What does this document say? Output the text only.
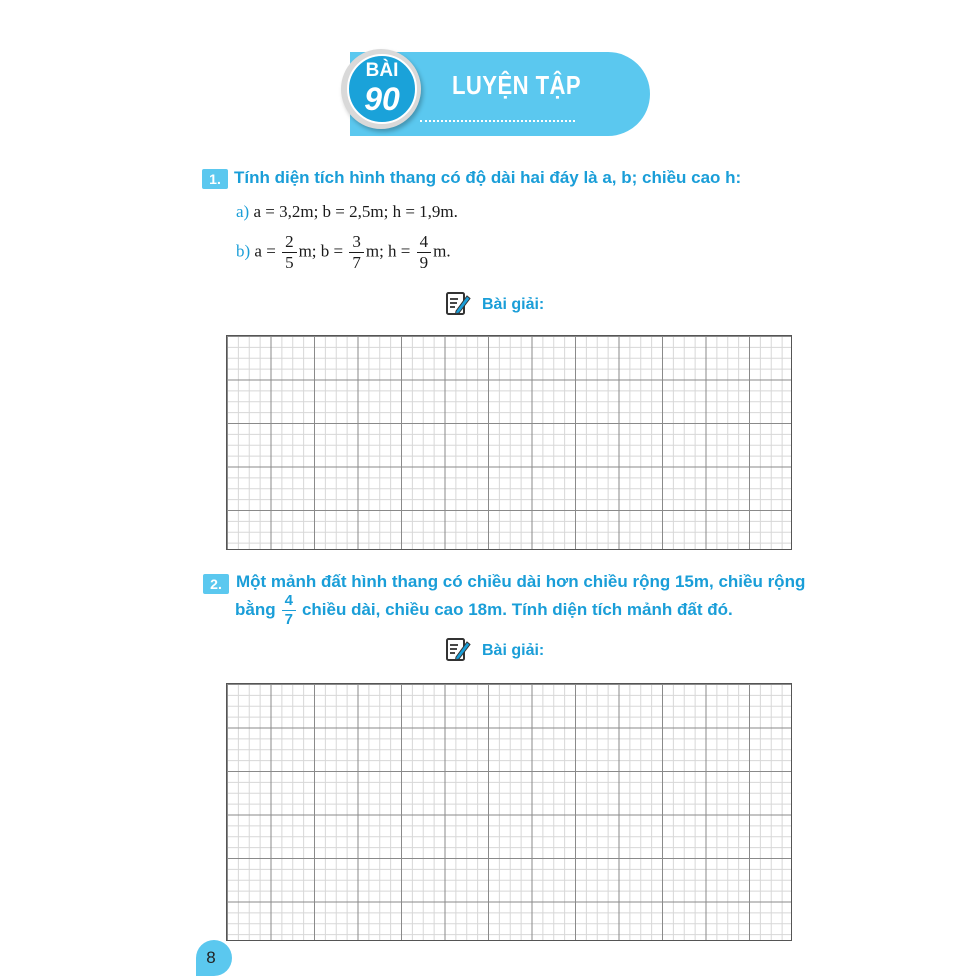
BÀI
90	LUYỆN TẬP
1. Tính diện tích hình thang có độ dài hai đáy là a, b; chiều cao h:
a) a = 3,2m; b = 2,5m; h = 1,9m.
b) $a = \frac{2}{5} m$; $b = \frac{3}{7} m$; $h = \frac{4}{9} m$.
Bài giải:
2. Một mảnh đất hình thang có chiều dài hơn chiều rộng 15m, chiều rộng
bằng $\frac{4}{7}$ chiều dài, chiều cao 18m. Tính diện tích mảnh đất đó.
Bài giải:
8
